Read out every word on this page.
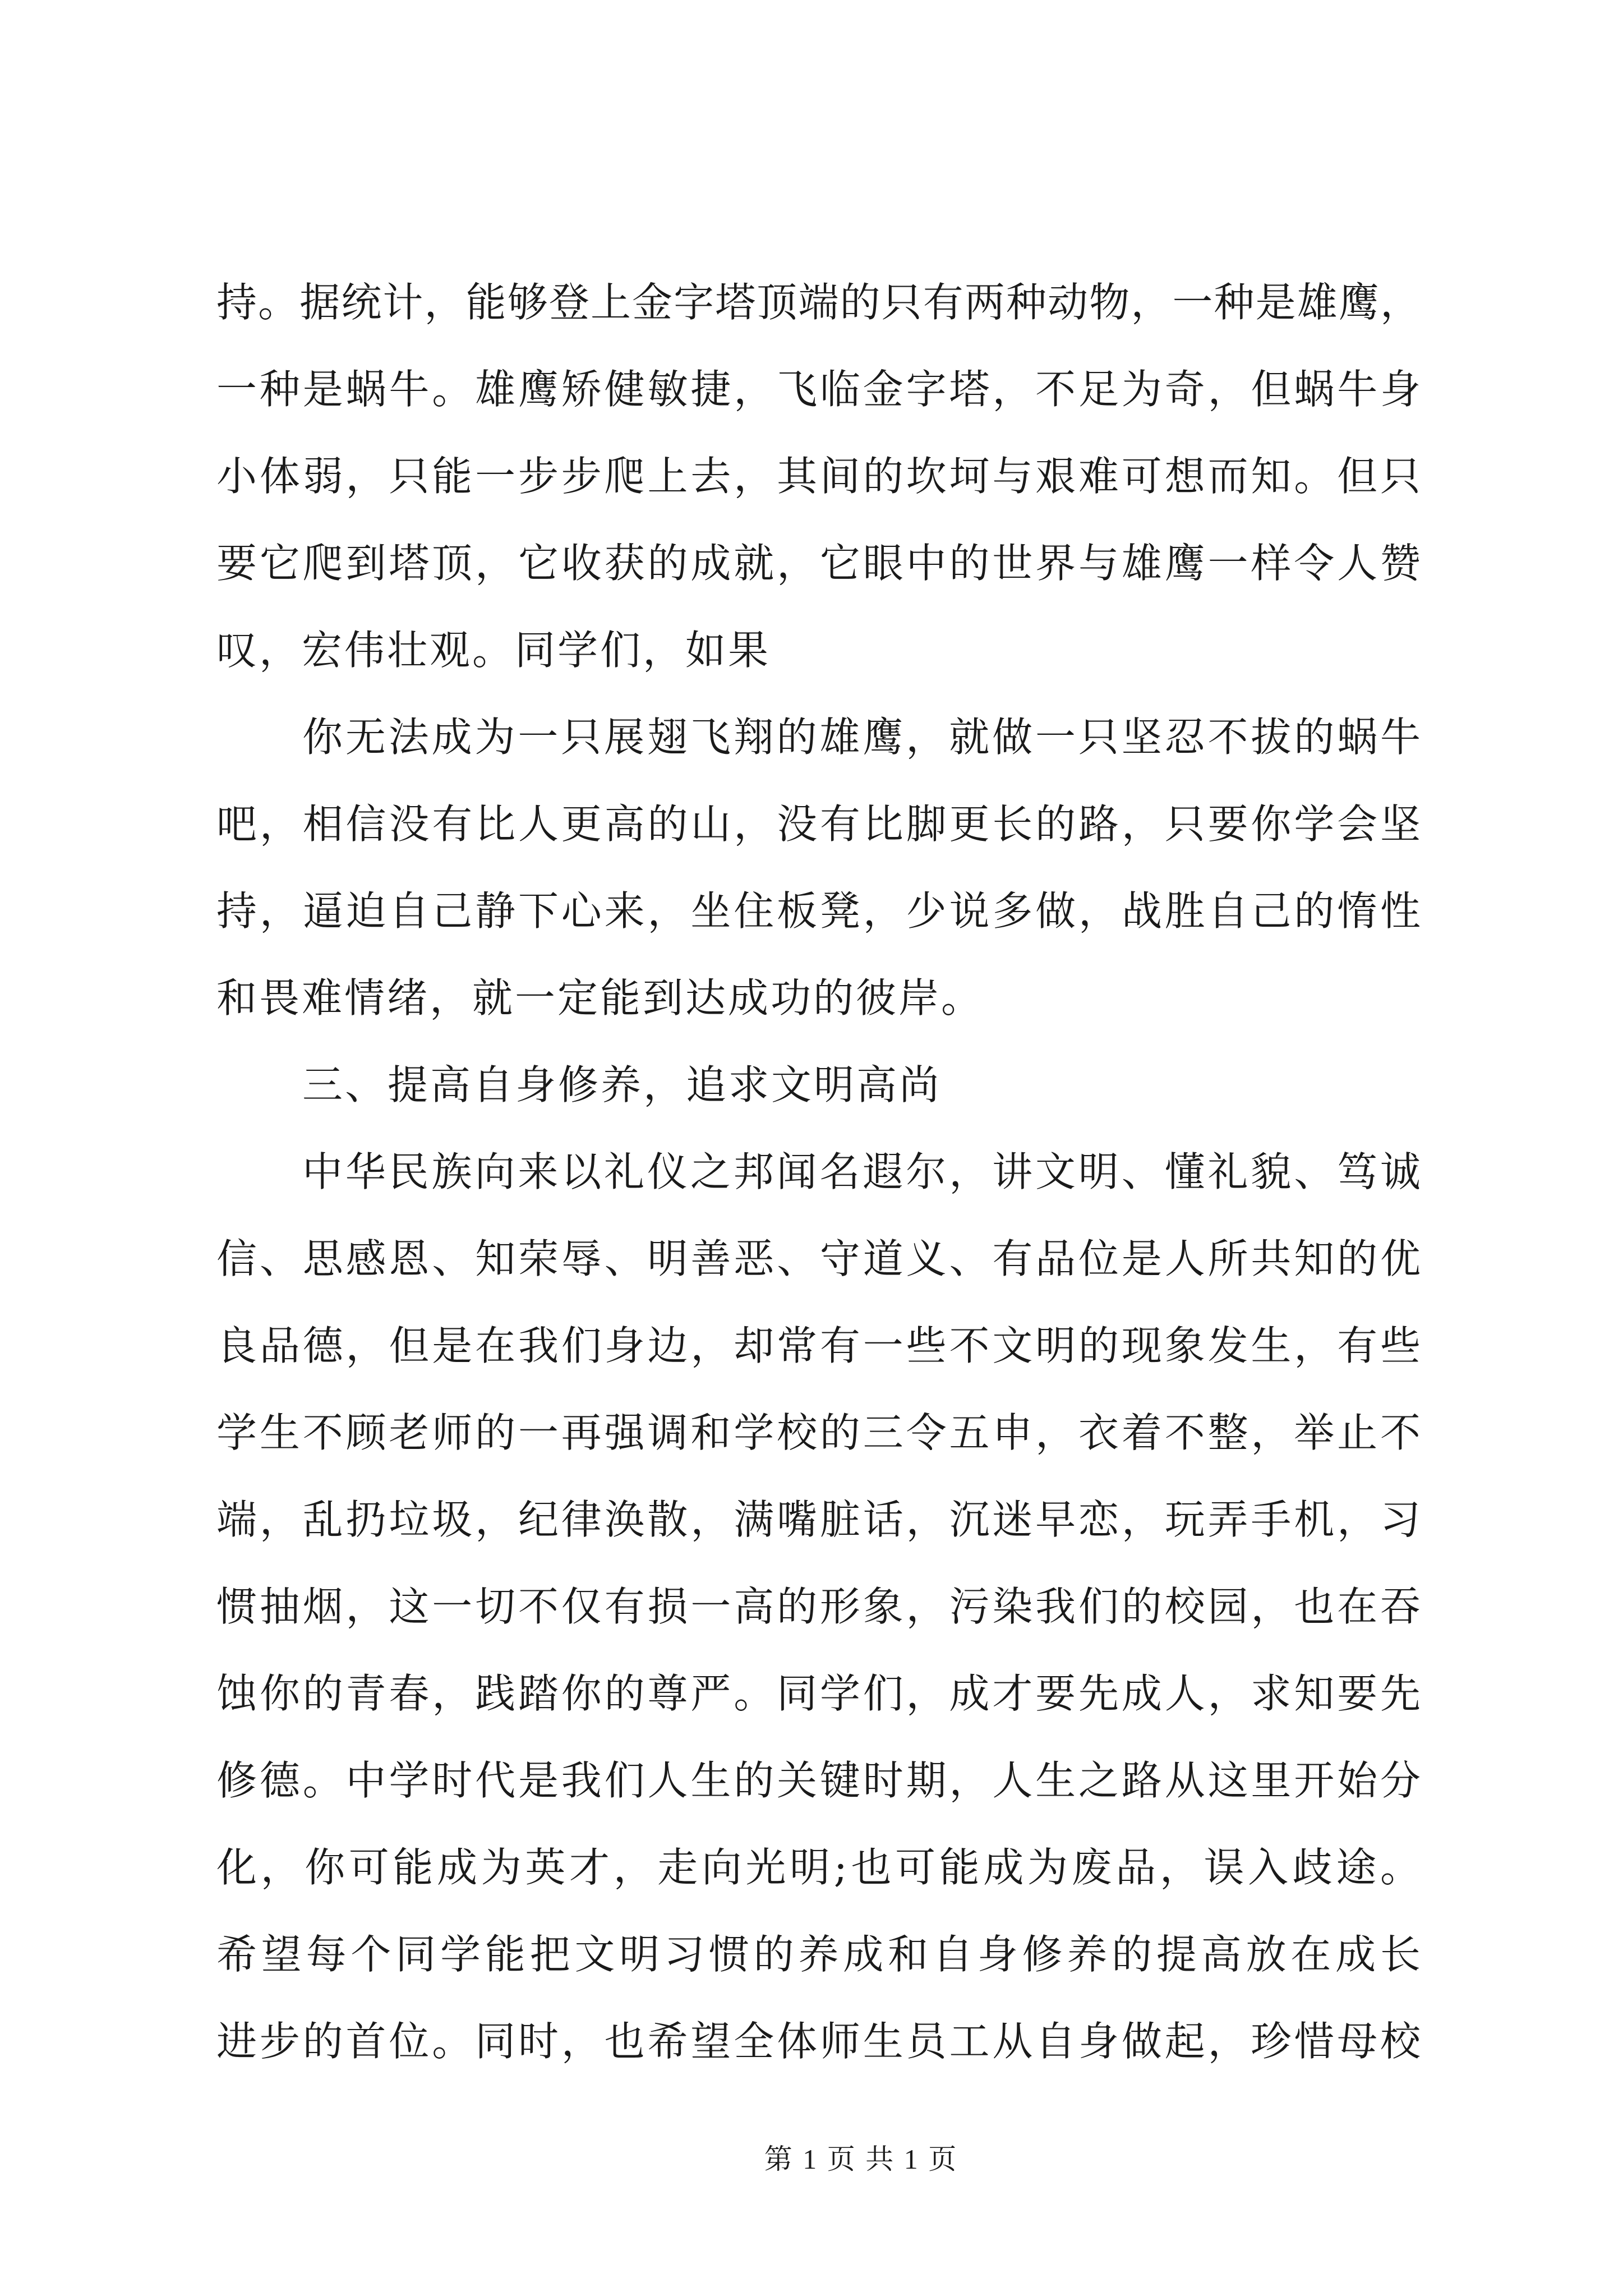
持。据统计，能够登上金字塔顶端的只有两种动物，一种是雄鹰，
一种是蜗牛。雄鹰矫健敏捷，飞临金字塔，不足为奇，但蜗牛身
小体弱，只能一步步爬上去，其间的坎坷与艰难可想而知。但只
要它爬到塔顶，它收获的成就，它眼中的世界与雄鹰一样令人赞
叹，宏伟壮观。同学们，如果
你无法成为一只展翅飞翔的雄鹰，就做一只坚忍不拔的蜗牛
吧，相信没有比人更高的山，没有比脚更长的路，只要你学会坚
持，逼迫自己静下心来，坐住板凳，少说多做，战胜自己的惰性
和畏难情绪，就一定能到达成功的彼岸。
三、提高自身修养，追求文明高尚
中华民族向来以礼仪之邦闻名遐尔，讲文明、懂礼貌、笃诚
信、思感恩、知荣辱、明善恶、守道义、有品位是人所共知的优
良品德，但是在我们身边，却常有一些不文明的现象发生，有些
学生不顾老师的一再强调和学校的三令五申，衣着不整，举止不
端，乱扔垃圾，纪律涣散，满嘴脏话，沉迷早恋，玩弄手机，习
惯抽烟，这一切不仅有损一高的形象，污染我们的校园，也在吞
蚀你的青春，践踏你的尊严。同学们，成才要先成人，求知要先
修德。中学时代是我们人生的关键时期，人生之路从这里开始分
化，你可能成为英才，走向光明;也可能成为废品，误入歧途。
希望每个同学能把文明习惯的养成和自身修养的提高放在成长
进步的首位。同时，也希望全体师生员工从自身做起，珍惜母校
第 1 页 共 1 页
